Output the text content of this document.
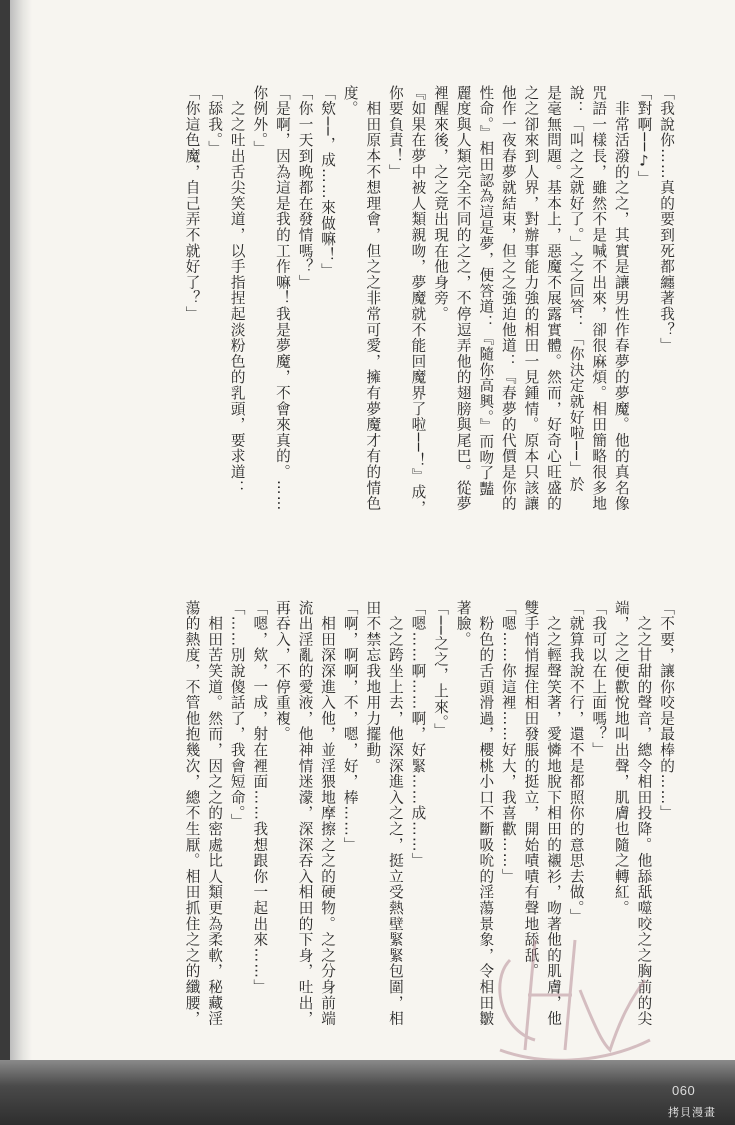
「我說你……真的要到死都纏著我？」
「對啊──♪」
　非常活潑的之之，其實是讓男性作春夢的夢魔。他的真名像
咒語一樣長，雖然不是喊不出來，卻很麻煩。相田簡略很多地
說：「叫之之就好了。」之之回答：「你決定就好啦──」於
是毫無問題。基本上，惡魔不展露實體。然而，好奇心旺盛的
之之卻來到人界，對辦事能力強的相田一見鍾情。原本只該讓
他作一夜春夢就結束，但之之強迫他道：『春夢的代價是你的
性命。』相田認為這是夢，便答道：『隨你高興。』而吻了豔
麗度與人類完全不同的之之，不停逗弄他的翅膀與尾巴。從夢
裡醒來後，之之竟出現在他身旁。
『如果在夢中被人類親吻，夢魔就不能回魔界了啦──！』成，
你要負責！」
　相田原本不想理會，但之之非常可愛，擁有夢魔才有的情色
度。
「欸──，成……來做嘛！」
「你一天到晚都在發情嗎？」
「是啊，因為這是我的工作嘛！我是夢魔，不會來真的。……
你例外。」
　之之吐出舌尖笑道，以手指捏起淡粉色的乳頭，要求道：
「舔我。」
「你這色魔，自己弄不就好了？」
「不要，讓你咬是最棒的……」
　之之甘甜的聲音，總令相田投降。他舔舐噬咬之之胸前的尖
端，之之便歡悅地叫出聲，肌膚也隨之轉紅。
「我可以在上面嗎？」
「就算我說不行，還不是都照你的意思去做。」
　之之輕聲笑著，愛憐地脫下相田的襯衫，吻著他的肌膚，他
雙手悄悄握住相田發脹的挺立，開始嘖嘖有聲地舔舐。
「嗯……你這裡……好大，我喜歡……」
　粉色的舌頭滑過，櫻桃小口不斷吸吮的淫蕩景象，令相田皺
著臉。
「──之之，上來。」
「嗯……啊……啊，好緊……成……」
　之之跨坐上去，他深深進入之之，挺立受熱壁緊緊包圍，相
田不禁忘我地用力擺動。
「啊，啊啊，不，嗯，好，棒……」
　相田深深進入他，並淫猥地摩擦之之的硬物。之之分身前端
流出淫亂的愛液，他神情迷濛，深深吞入相田的下身，吐出，
再吞入，不停重複。
「嗯，欸，一成，射在裡面……我想跟你一起出來……」
「……別說傻話了，我會短命。」
　相田苦笑道。然而，因之之的密處比人類更為柔軟，秘藏淫
蕩的熱度，不管他抱幾次，總不生厭。相田抓住之之的纖腰，
060
拷貝漫畫
